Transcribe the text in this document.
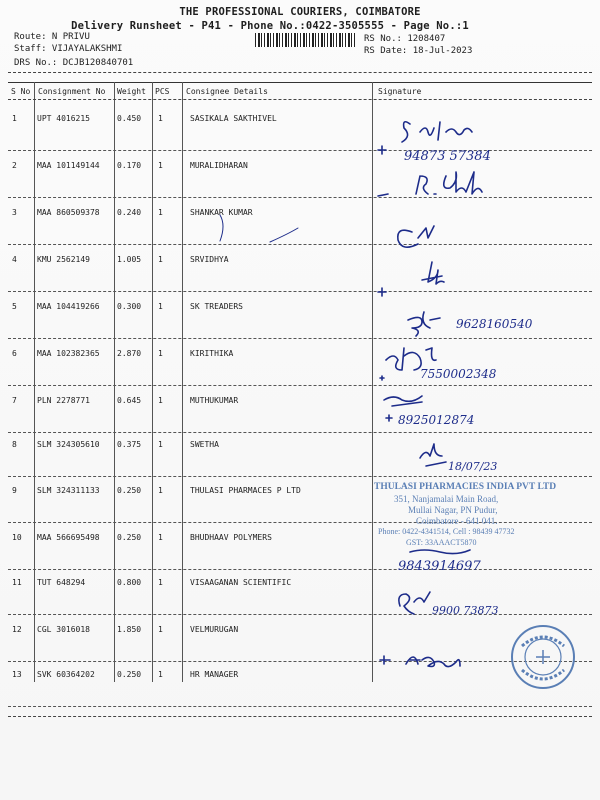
THE PROFESSIONAL COURIERS, COIMBATORE
Delivery Runsheet - P41 - Phone No.:0422-3505555 - Page No.:1
Route: N PRIVU
Staff: VIJAYALAKSHMI
DRS No.: DCJB120840701
RS No.: 1208407
RS Date: 18-Jul-2023
S No Consignment No Weight PCS Consignee Details	Signature
1	UPT 4016215	0.450 1	SASIKALA SAKTHIVEL
2	MAA 101149144 0.170 1	MURALIDHARAN
3	MAA 860509378 0.240 1	SHANKAR KUMAR
4	KMU 2562149	1.005 1	SRVIDHYA
5	MAA 104419266 0.300 1	SK TREADERS
6	MAA 102382365 2.870 1	KIRITHIKA
7	PLN 2278771	0.645 1	MUTHUKUMAR
8	SLM 324305610 0.375 1	SWETHA
9	SLM 324311133 0.250 1	THULASI PHARMACES P LTD
10 MAA 566695498 0.250 1	BHUDHAAV POLYMERS
11 TUT 648294	0.800 1	VISAAGANAN SCIENTIFIC
12 CGL 3016018	1.850 1	VELMURUGAN
13 SVK 60364202	0.250 1	HR MANAGER
94873 57384
9628160540
7550002348
8925012874
18/07/23
9843914697
9900 73873
THULASI PHARMACIES INDIA PVT LTD
351, Nanjamalai Main Road,
Mullai Nagar, PN Pudur,
Coimbatore - 641 041.
Phone: 0422-4341514, Cell : 98439 47732
GST: 33AAACT5870
